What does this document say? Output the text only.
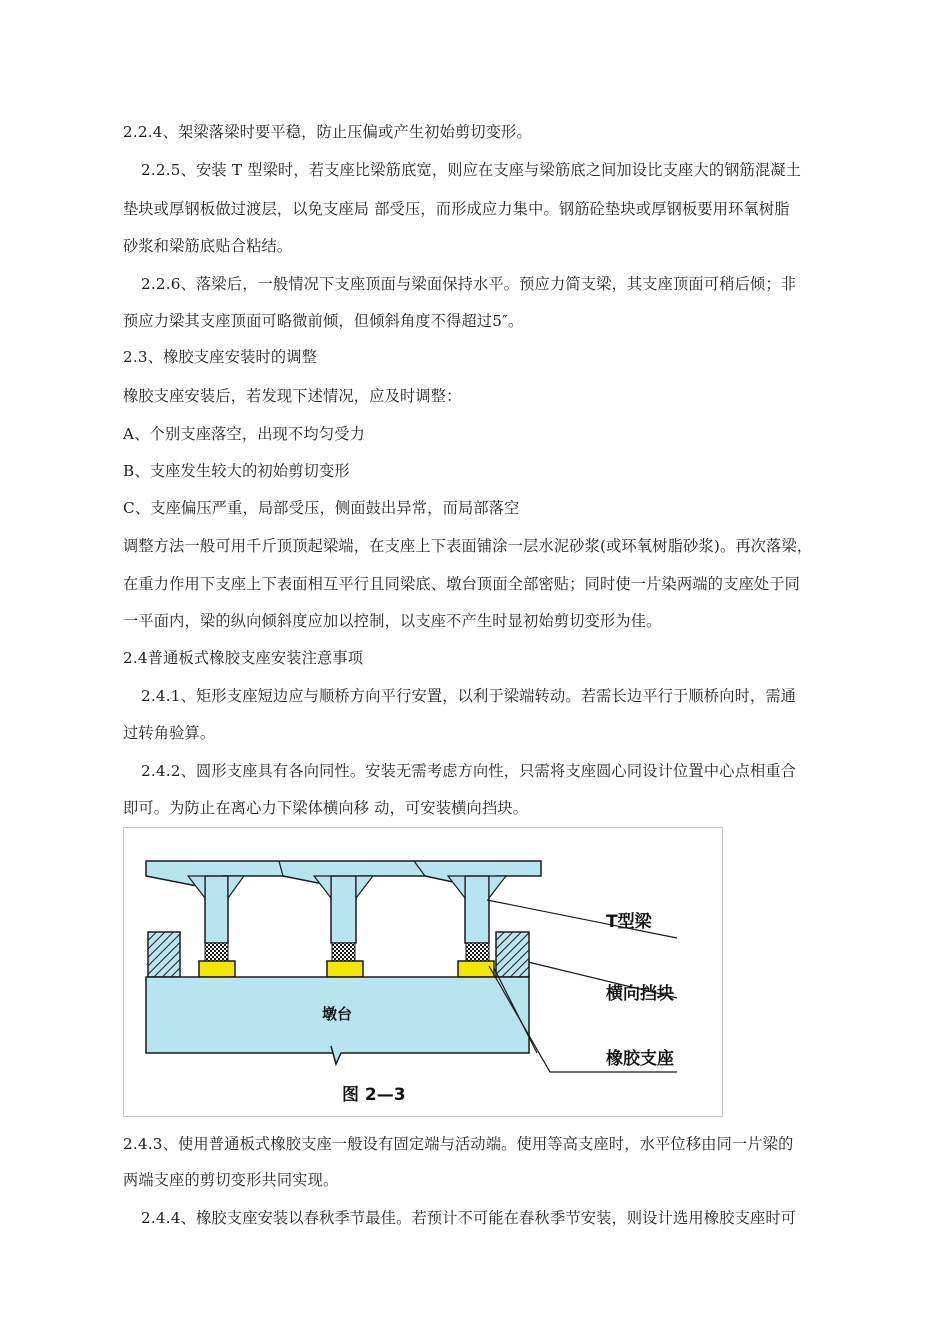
2.2.4、架梁落梁时要平稳，防止压偏或产生初始剪切变形。
2.2.5、安装 T 型梁时，若支座比梁筋底宽，则应在支座与梁筋底之间加设比支座大的钢筋混凝土
垫块或厚钢板做过渡层，以免支座局 部受压，而形成应力集中。钢筋砼垫块或厚钢板要用环氧树脂
砂浆和梁筋底贴合粘结。
2.2.6、落梁后，一般情况下支座顶面与梁面保持水平。预应力简支梁，其支座顶面可稍后倾；非
预应力梁其支座顶面可略微前倾，但倾斜角度不得超过5″。
2.3、橡胶支座安装时的调整
橡胶支座安装后，若发现下述情况，应及时调整：
A、个别支座落空，出现不均匀受力
B、支座发生较大的初始剪切变形
C、支座偏压严重，局部受压，侧面鼓出异常，而局部落空
调整方法一般可用千斤顶顶起梁端，在支座上下表面铺涂一层水泥砂浆(或环氧树脂砂浆)。再次落梁，
在重力作用下支座上下表面相互平行且同梁底、墩台顶面全部密贴；同时使一片染两端的支座处于同
一平面内，梁的纵向倾斜度应加以控制，以支座不产生时显初始剪切变形为佳。
2.4普通板式橡胶支座安装注意事项
2.4.1、矩形支座短边应与顺桥方向平行安置，以利于梁端转动。若需长边平行于顺桥向时，需通
过转角验算。
2.4.2、圆形支座具有各向同性。安装无需考虑方向性，只需将支座圆心同设计位置中心点相重合
即可。为防止在离心力下梁体横向移 动，可安装横向挡块。
T型梁
横向挡块
橡胶支座
墩台
图 2—3
2.4.3、使用普通板式橡胶支座一般设有固定端与活动端。使用等高支座时，水平位移由同一片梁的
两端支座的剪切变形共同实现。
2.4.4、橡胶支座安装以春秋季节最佳。若预计不可能在春秋季节安装，则设计选用橡胶支座时可
